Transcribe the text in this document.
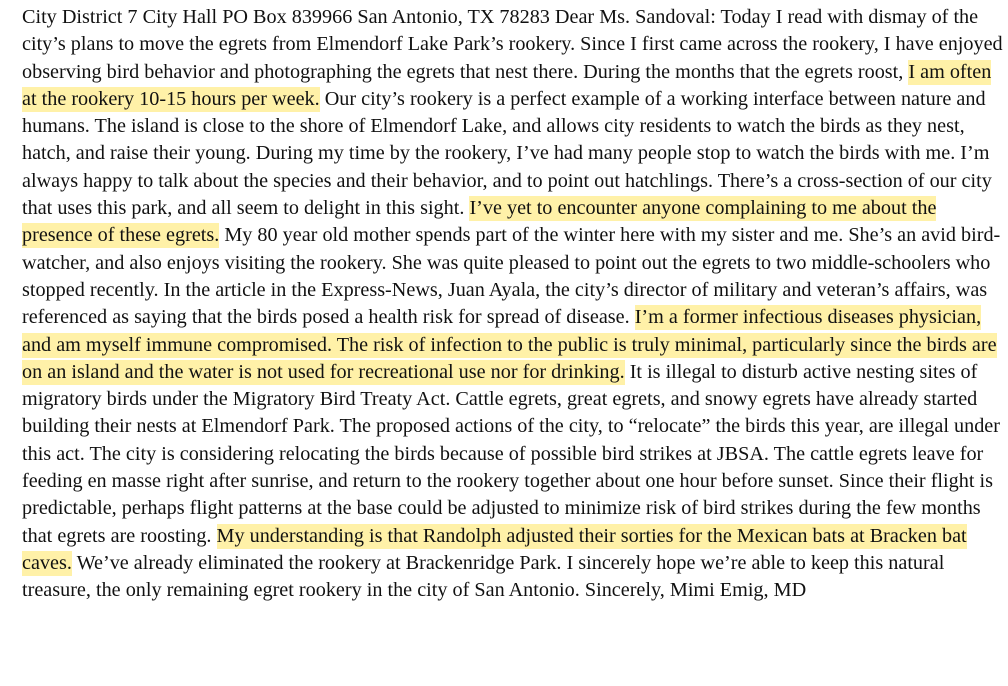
City District 7 City Hall PO Box 839966 San Antonio, TX 78283 Dear Ms. Sandoval: Today I read with dismay of the city’s plans to move the egrets from Elmendorf Lake Park’s rookery. Since I first came across the rookery, I have enjoyed observing bird behavior and photographing the egrets that nest there. During the months that the egrets roost, I am often at the rookery 10-15 hours per week. Our city’s rookery is a perfect example of a working interface between nature and humans. The island is close to the shore of Elmendorf Lake, and allows city residents to watch the birds as they nest, hatch, and raise their young. During my time by the rookery, I’ve had many people stop to watch the birds with me. I’m always happy to talk about the species and their behavior, and to point out hatchlings. There’s a cross-section of our city that uses this park, and all seem to delight in this sight. I’ve yet to encounter anyone complaining to me about the presence of these egrets. My 80 year old mother spends part of the winter here with my sister and me. She’s an avid bird-watcher, and also enjoys visiting the rookery. She was quite pleased to point out the egrets to two middle-schoolers who stopped recently. In the article in the Express-News, Juan Ayala, the city’s director of military and veteran’s affairs, was referenced as saying that the birds posed a health risk for spread of disease. I’m a former infectious diseases physician, and am myself immune compromised. The risk of infection to the public is truly minimal, particularly since the birds are on an island and the water is not used for recreational use nor for drinking. It is illegal to disturb active nesting sites of migratory birds under the Migratory Bird Treaty Act. Cattle egrets, great egrets, and snowy egrets have already started building their nests at Elmendorf Park. The proposed actions of the city, to “relocate” the birds this year, are illegal under this act. The city is considering relocating the birds because of possible bird strikes at JBSA. The cattle egrets leave for feeding en masse right after sunrise, and return to the rookery together about one hour before sunset. Since their flight is predictable, perhaps flight patterns at the base could be adjusted to minimize risk of bird strikes during the few months that egrets are roosting. My understanding is that Randolph adjusted their sorties for the Mexican bats at Bracken bat caves. We’ve already eliminated the rookery at Brackenridge Park. I sincerely hope we’re able to keep this natural treasure, the only remaining egret rookery in the city of San Antonio. Sincerely, Mimi Emig, MD
